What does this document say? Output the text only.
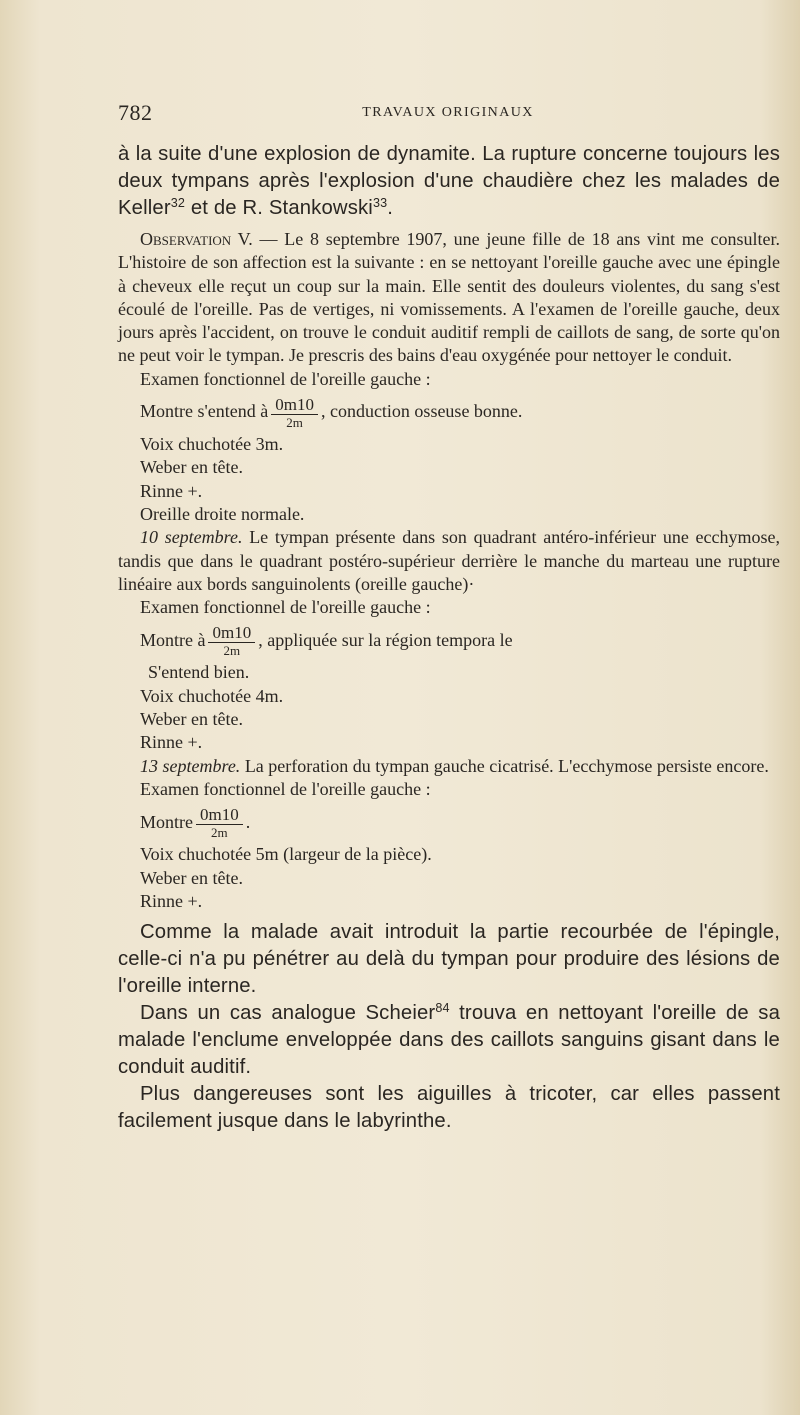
782	TRAVAUX ORIGINAUX

à la suite d'une explosion de dynamite. La rupture concerne toujours les deux tympans après l'explosion d'une chaudière chez les malades de Keller$^{32}$ et de R. Stankowski$^{33}$.

Observation V. — Le 8 septembre 1907, une jeune fille de 18 ans vint me consulter. L'histoire de son affection est la suivante : en se nettoyant l'oreille gauche avec une épingle à cheveux elle reçut un coup sur la main. Elle sentit des douleurs violentes, du sang s'est écoulé de l'oreille. Pas de vertiges, ni vomissements. A l'examen de l'oreille gauche, deux jours après l'accident, on trouve le conduit auditif rempli de caillots de sang, de sorte qu'on ne peut voir le tympan. Je prescris des bains d'eau oxygénée pour nettoyer le conduit.

Examen fonctionnel de l'oreille gauche :
Montre s'entend à $\frac{0m10}{2m}$ , conduction osseuse bonne.
Voix chuchotée 3m.
Weber en tête.
Rinne +.
Oreille droite normale.

10 septembre. Le tympan présente dans son quadrant antéro-inférieur une ecchymose, tandis que dans le quadrant postéro-supérieur derrière le manche du marteau une rupture linéaire aux bords sanguinolents (oreille gauche)·

Examen fonctionnel de l'oreille gauche :
Montre à $\frac{0m10}{2m}$ , appliquée sur la région tempora le
S'entend bien.
Voix chuchotée 4m.
Weber en tête.
Rinne +.

13 septembre. La perforation du tympan gauche cicatrisé. L'ecchymose persiste encore.

Examen fonctionnel de l'oreille gauche :
Montre $\frac{0m10}{2m}$ .
Voix chuchotée 5m (largeur de la pièce).
Weber en tête.
Rinne +.

Comme la malade avait introduit la partie recourbée de l'épingle, celle-ci n'a pu pénétrer au delà du tympan pour produire des lésions de l'oreille interne.

Dans un cas analogue Scheier$^{84}$ trouva en nettoyant l'oreille de sa malade l'enclume enveloppée dans des caillots sanguins gisant dans le conduit auditif.

Plus dangereuses sont les aiguilles à tricoter, car elles passent facilement jusque dans le labyrinthe.
